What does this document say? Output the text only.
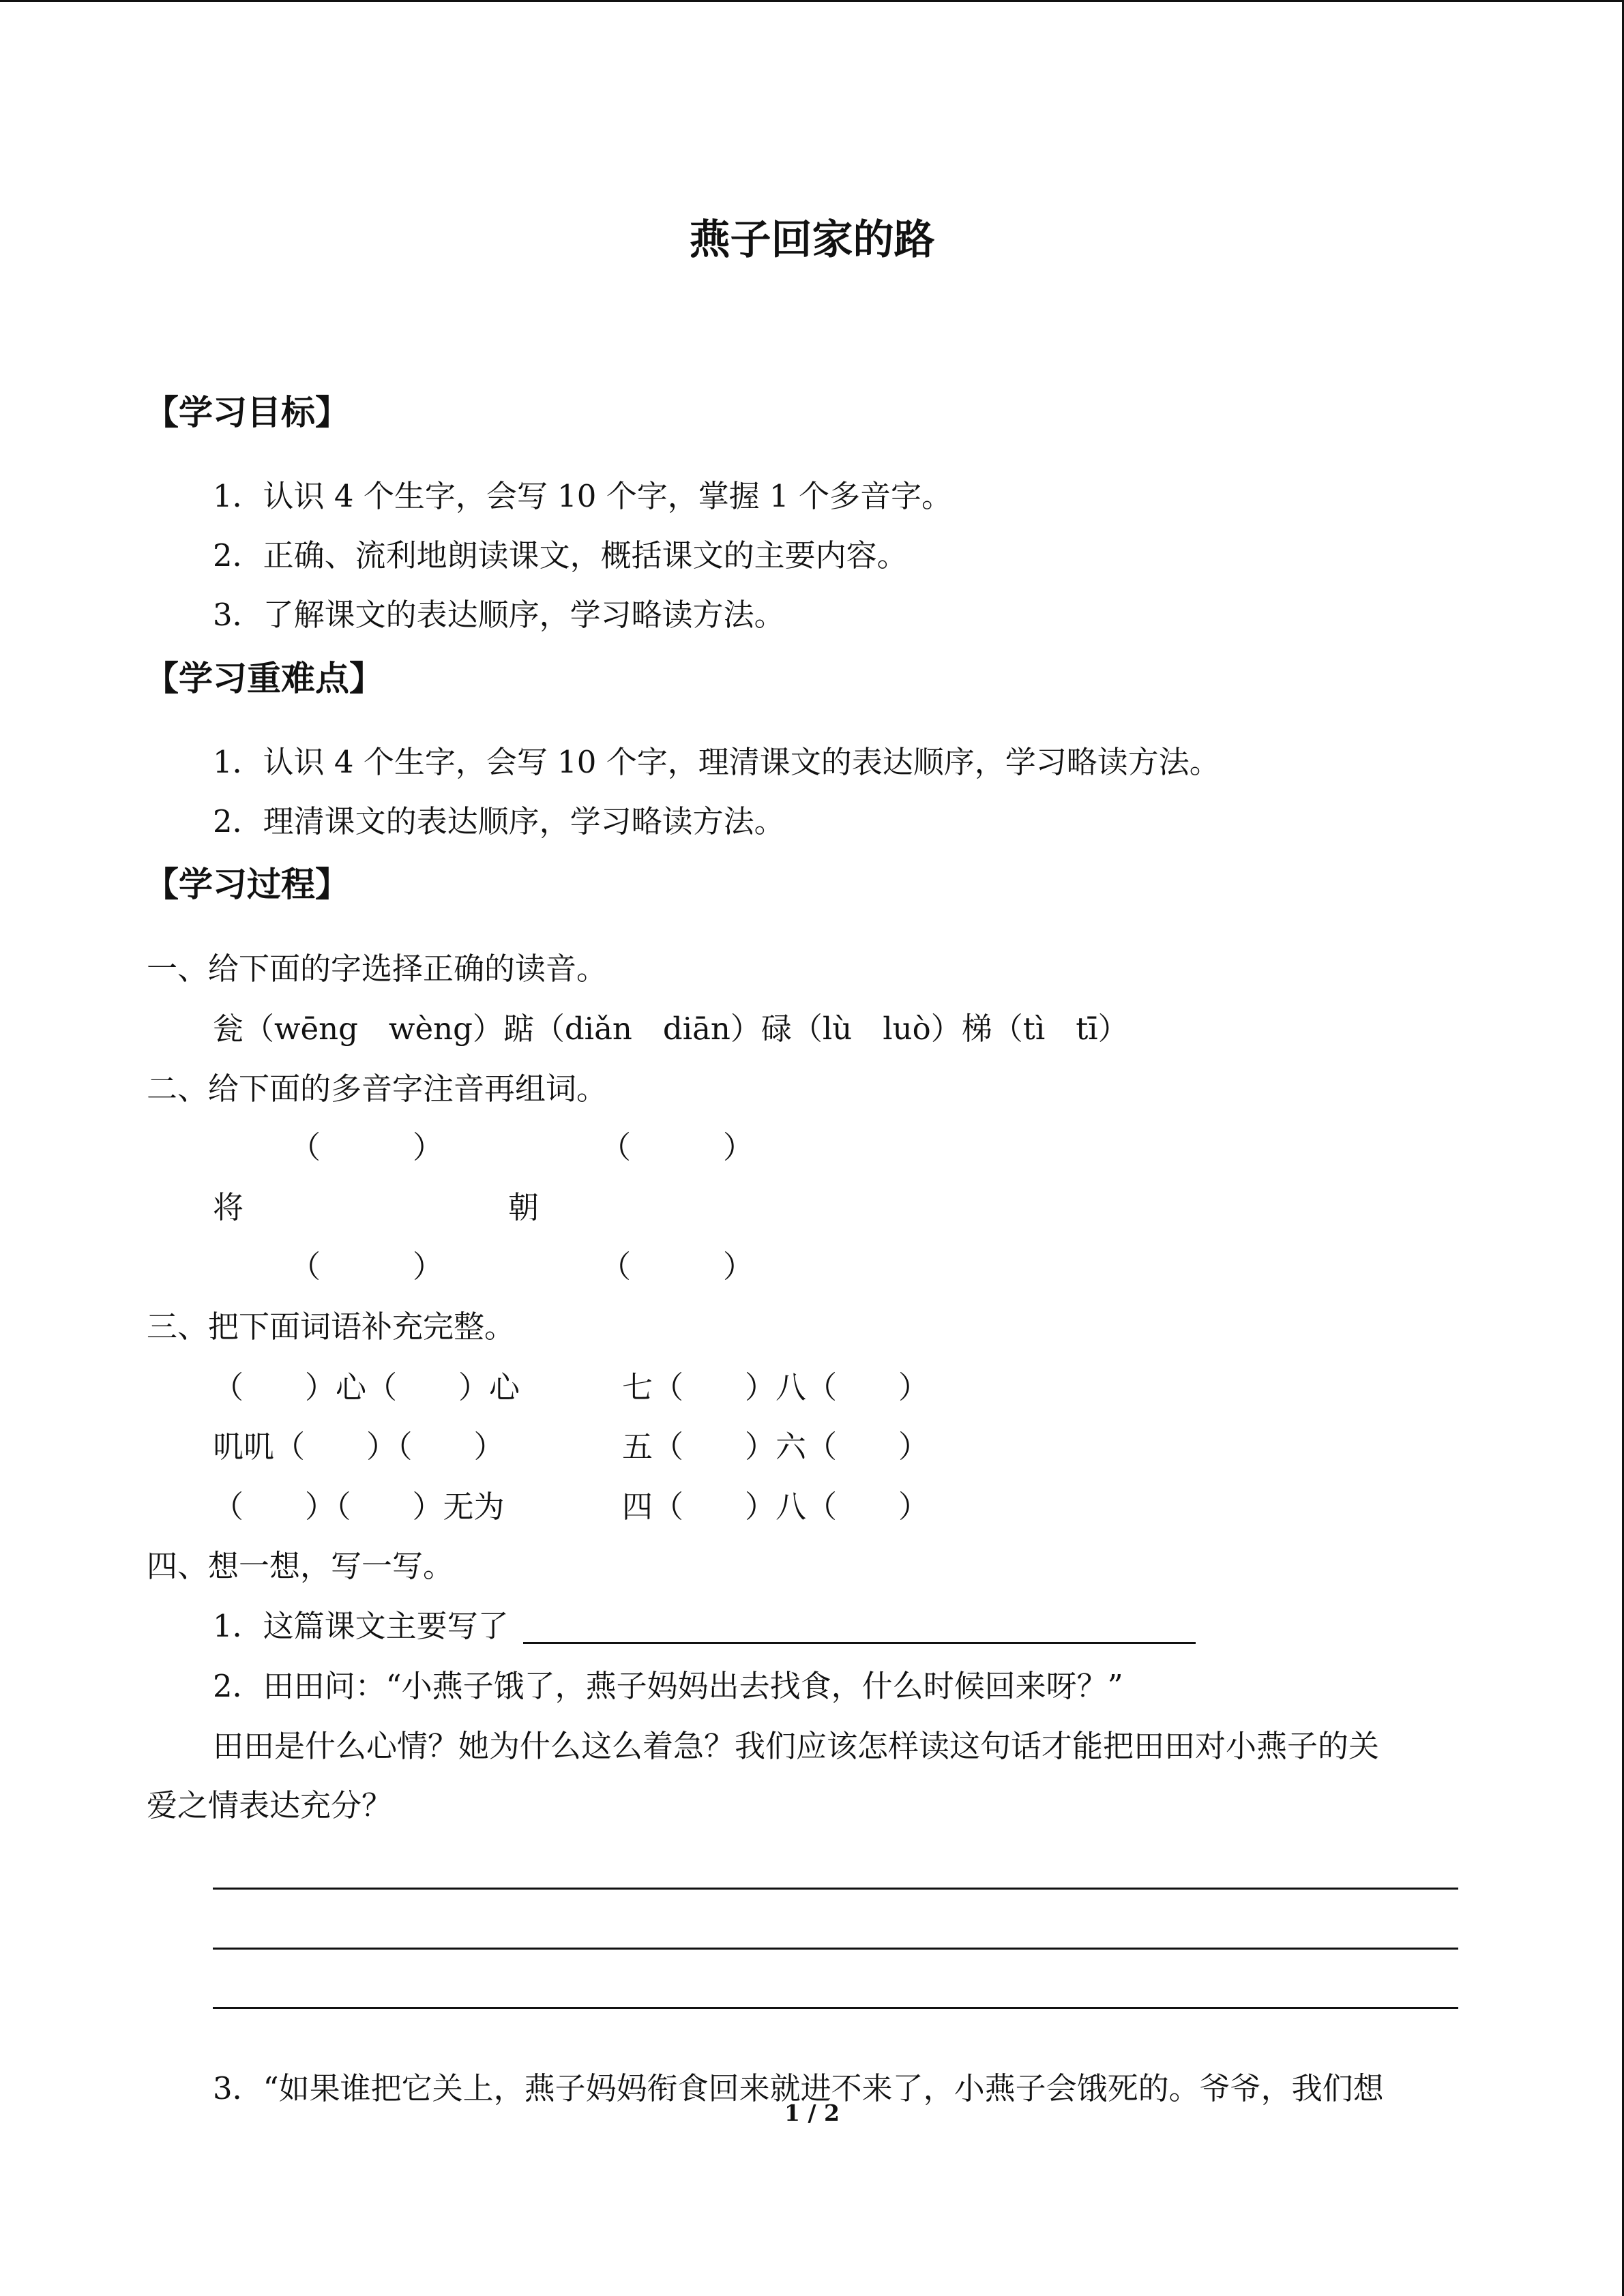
燕子回家的路
【学习目标】
1．认识 4 个生字，会写 10 个字，掌握 1 个多音字。
2．正确、流利地朗读课文，概括课文的主要内容。
3．了解课文的表达顺序，学习略读方法。
【学习重难点】
1．认识 4 个生字，会写 10 个字，理清课文的表达顺序，学习略读方法。
2．理清课文的表达顺序，学习略读方法。
【学习过程】
一、给下面的字选择正确的读音。
瓮（wēng　wèng）踮（diǎn　diān）碌（lù　luò）梯（tì　tī）
二、给下面的多音字注音再组词。
（　　　）	（　　　）
将	朝
（　　　）	（　　　）
三、把下面词语补充完整。
（　　）心（　　）心	七（　　）八（　　）
叽叽（　　）（　　）	五（　　）六（　　）
（　　）（　　）无为	四（　　）八（　　）
四、想一想，写一写。
1．这篇课文主要写了
2．田田问：“小燕子饿了，燕子妈妈出去找食，什么时候回来呀？”
田田是什么心情？她为什么这么着急？我们应该怎样读这句话才能把田田对小燕子的关
爱之情表达充分？
3．“如果谁把它关上，燕子妈妈衔食回来就进不来了，小燕子会饿死的。爷爷，我们想
1 / 2
